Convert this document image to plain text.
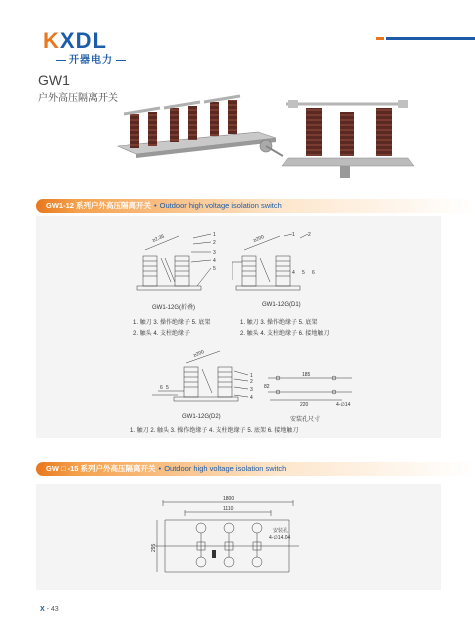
KXDL
开器电力
GW1
户外高压隔离开关
GW1-12 系列户外高压隔离开关 • Outdoor high voltage isolation switch
≥2,35	1
2
3
4
5
GW1-12G(折叠)
1. 触刀 3. 操作绝缘子 5. 底架
2. 触头 4. 支柱绝缘子
≥200	1	2
4 5 6
GW1-12G(D1)
1. 触刀 3. 操作绝缘子 5. 底架
2. 触头 4. 支柱绝缘子 6. 接地触刀
≥200
1
2
3
4
6 5
GW1-12G(D2)
1. 触刀 2. 触头 3. 操作绝缘子 4. 支柱绝缘子 5. 底架 6. 接地触刀
185
82
220	4-∅14
安装孔尺寸
GW □ -15 系列户外高压隔离开关 • Outdoor high voltage isolation switch
1800
1110
295
安装孔
4-∅14.04
X - 43
